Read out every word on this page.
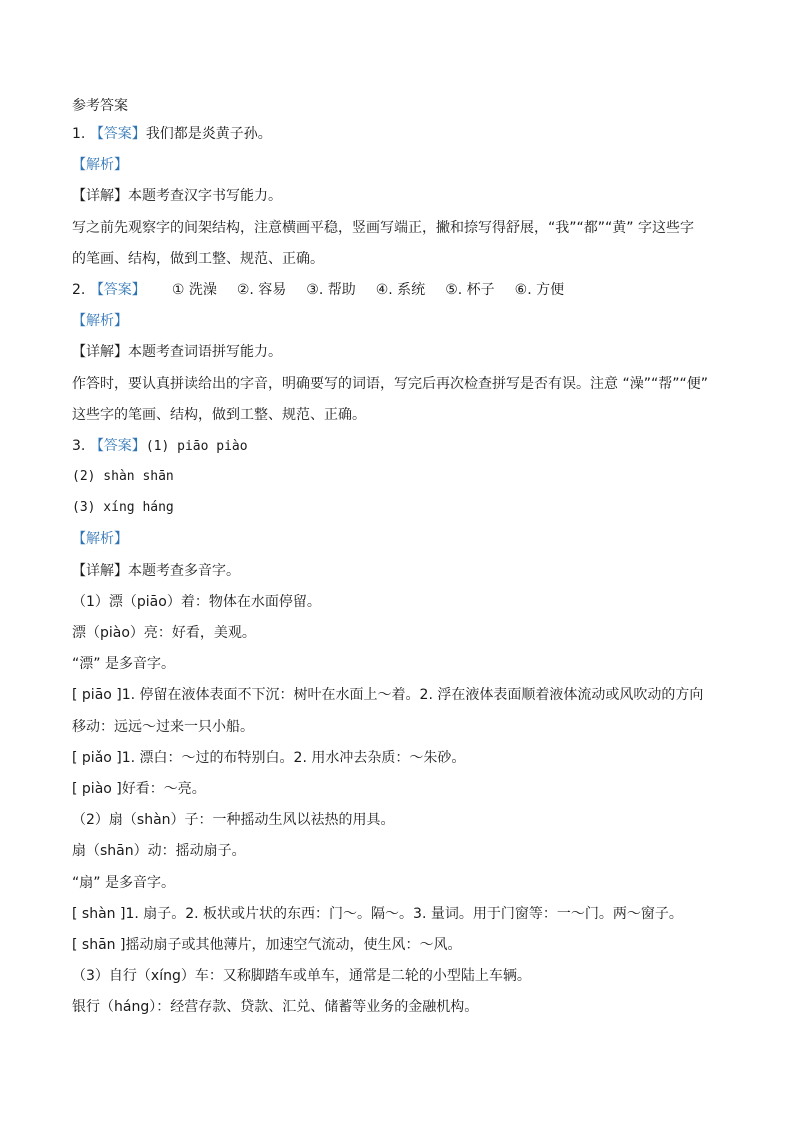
参考答案
1. 【答案】我们都是炎黄子孙。
【解析】
【详解】本题考查汉字书写能力。
写之前先观察字的间架结构，注意横画平稳，竖画写端正，撇和捺写得舒展，“我”“都”“黄” 字这些字
的笔画、结构，做到工整、规范、正确。
2. 【答案】 ① 洗澡 ②. 容易 ③. 帮助 ④. 系统 ⑤. 杯子 ⑥. 方便
【解析】
【详解】本题考查词语拼写能力。
作答时，要认真拼读给出的字音，明确要写的词语，写完后再次检查拼写是否有误。注意 “澡”“帮”“便”
这些字的笔画、结构，做到工整、规范、正确。
3. 【答案】(1) piāo piào
(2) shàn shān
(3) xíng háng
【解析】
【详解】本题考查多音字。
（1）漂（piāo）着：物体在水面停留。
漂（piào）亮：好看，美观。
“漂” 是多音字。
[ piāo ]1. 停留在液体表面不下沉：树叶在水面上～着。2. 浮在液体表面顺着液体流动或风吹动的方向
移动：远远～过来一只小船。
[ piǎo ]1. 漂白：～过的布特别白。2. 用水冲去杂质：～朱砂。
[ piào ]好看：～亮。
（2）扇（shàn）子：一种摇动生风以祛热的用具。
扇（shān）动：摇动扇子。
“扇” 是多音字。
[ shàn ]1. 扇子。2. 板状或片状的东西：门～。隔～。3. 量词。用于门窗等：一～门。两～窗子。
[ shān ]摇动扇子或其他薄片，加速空气流动，使生风：～风。
（3）自行（xíng）车：又称脚踏车或单车，通常是二轮的小型陆上车辆。
银行（háng）：经营存款、贷款、汇兑、储蓄等业务的金融机构。
